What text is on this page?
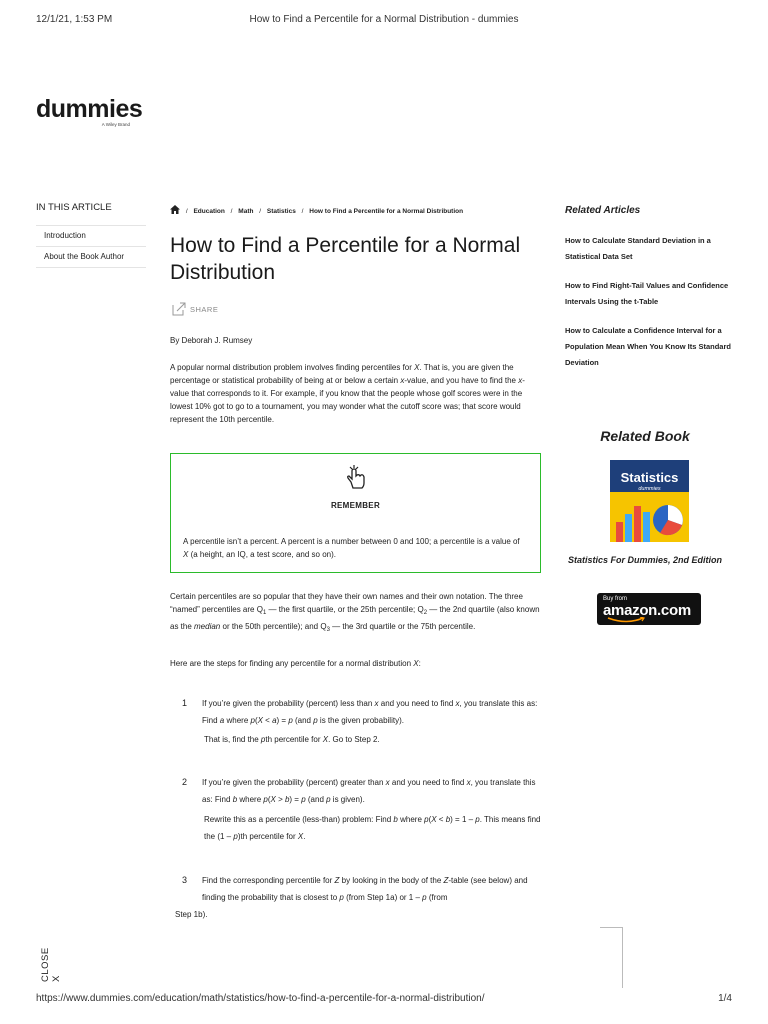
12/1/21, 1:53 PM	How to Find a Percentile for a Normal Distribution - dummies
dummies
A Wiley Brand
IN THIS ARTICLE
Introduction
About the Book Author
/ Education / Math / Statistics / How to Find a Percentile for a Normal Distribution
How to Find a Percentile for a Normal Distribution
SHARE
By Deborah J. Rumsey

A popular normal distribution problem involves finding percentiles for X. That is, you are given the percentage or statistical probability of being at or below a certain x-value, and you have to find the x-value that corresponds to it. For example, if you know that the people whose golf scores were in the lowest 10% got to go to a tournament, you may wonder what the cutoff score was; that score would represent the 10th percentile.

REMEMBER
A percentile isn’t a percent. A percent is a number between 0 and 100; a percentile is a value of X (a height, an IQ, a test score, and so on).

Certain percentiles are so popular that they have their own names and their own notation. The three “named” percentiles are $Q_1$ — the first quartile, or the 25th percentile; $Q_2$ — the 2nd quartile (also known as the median or the 50th percentile); and $Q_3$ — the 3rd quartile or the 75th percentile.

Here are the steps for finding any percentile for a normal distribution X:

1 If you’re given the probability (percent) less than x and you need to find x, you translate this as: Find a where p(X < a) = p (and p is the given probability).
That is, find the pth percentile for X. Go to Step 2.
2 If you’re given the probability (percent) greater than x and you need to find x, you translate this as: Find b where p(X > b) = p (and p is given).
Rewrite this as a percentile (less-than) problem: Find b where p(X < b) = 1 – p. This means find the (1 – p)th percentile for X.
3 Find the corresponding percentile for Z by looking in the body of the Z-table (see below) and finding the probability that is closest to p (from Step 1a) or 1 – p (from
Step 1b).
Related Articles
How to Calculate Standard Deviation in a Statistical Data Set
How to Find Right-Tail Values and Confidence Intervals Using the t-Table
How to Calculate a Confidence Interval for a Population Mean When You Know Its Standard Deviation
Related Book
Statistics
dummies
Statistics For Dummies, 2nd Edition
Buy from
amazon.com
CLOSE X
https://www.dummies.com/education/math/statistics/how-to-find-a-percentile-for-a-normal-distribution/	1/4
